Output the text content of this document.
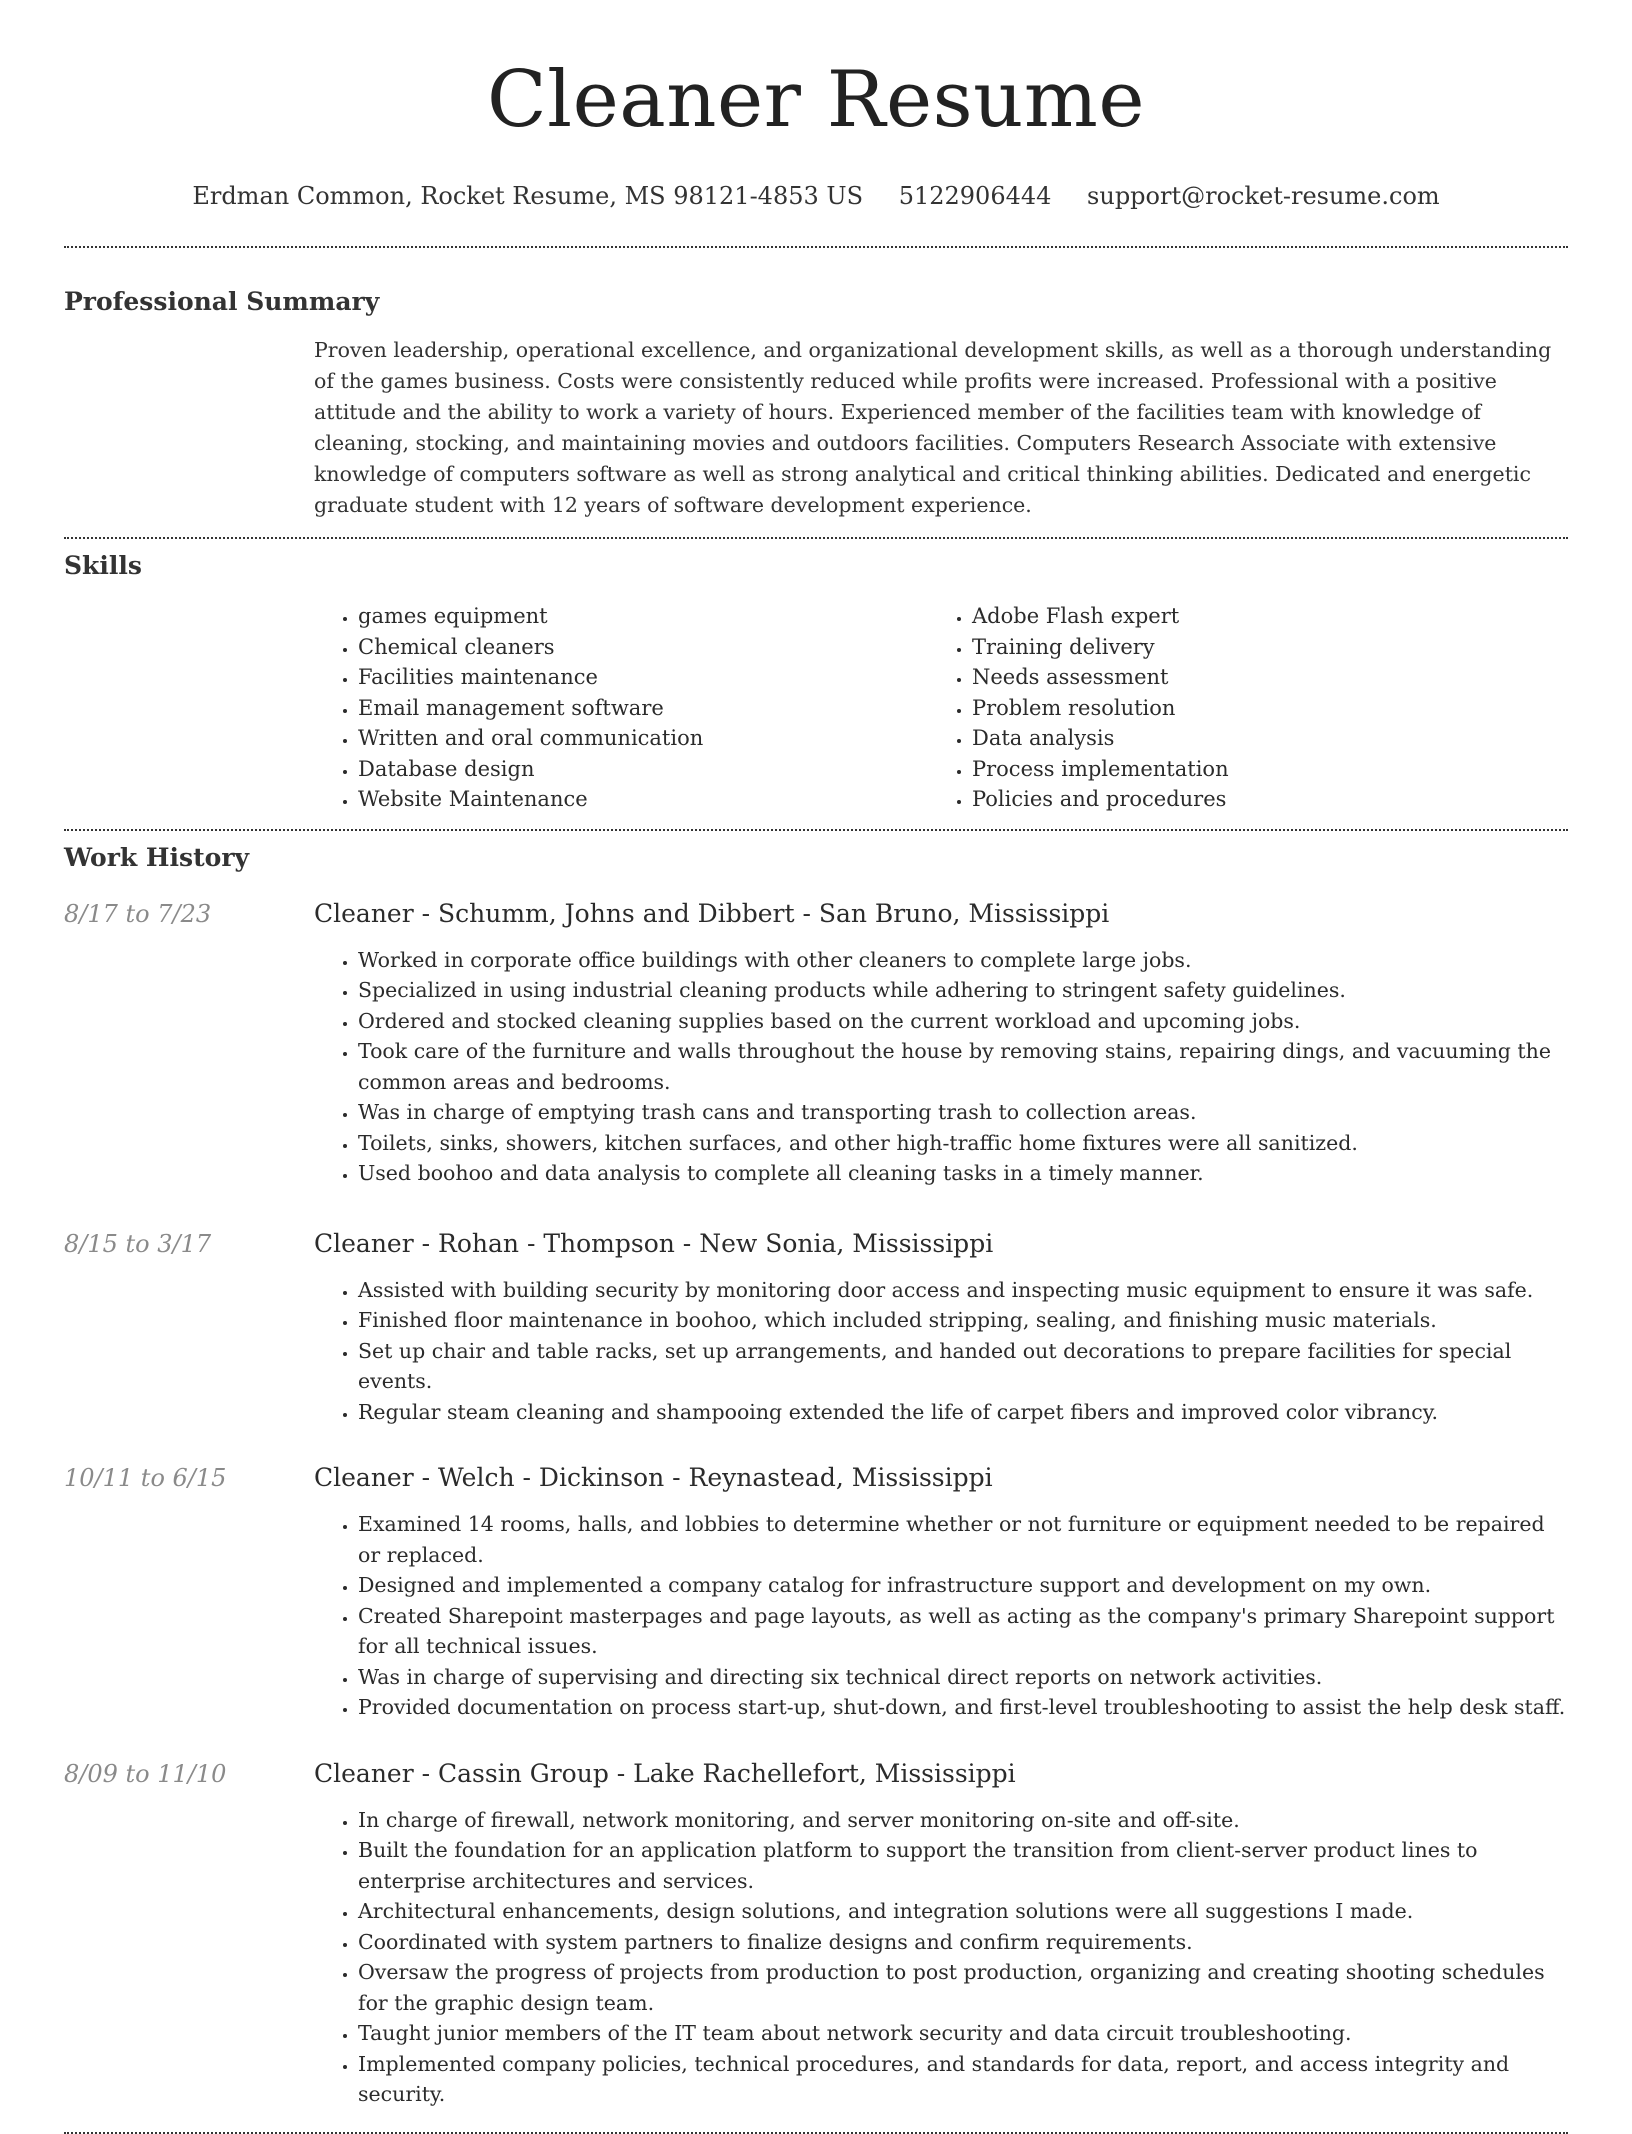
Cleaner Resume
Erdman Common, Rocket Resume, MS 98121-4853 US 5122906444 support@rocket-resume.com
Professional Summary
Proven leadership, operational excellence, and organizational development skills, as well as a thorough understanding of the games business. Costs were consistently reduced while profits were increased. Professional with a positive attitude and the ability to work a variety of hours. Experienced member of the facilities team with knowledge of cleaning, stocking, and maintaining movies and outdoors facilities. Computers Research Associate with extensive knowledge of computers software as well as strong analytical and critical thinking abilities. Dedicated and energetic graduate student with 12 years of software development experience.
Skills
• games equipment
• Chemical cleaners
• Facilities maintenance
• Email management software
• Written and oral communication
• Database design
• Website Maintenance
• Adobe Flash expert
• Training delivery
• Needs assessment
• Problem resolution
• Data analysis
• Process implementation
• Policies and procedures
Work History
8/17 to 7/23	Cleaner - Schumm, Johns and Dibbert - San Bruno, Mississippi
• Worked in corporate office buildings with other cleaners to complete large jobs.
• Specialized in using industrial cleaning products while adhering to stringent safety guidelines.
• Ordered and stocked cleaning supplies based on the current workload and upcoming jobs.
• Took care of the furniture and walls throughout the house by removing stains, repairing dings, and vacuuming the common areas and bedrooms.
• Was in charge of emptying trash cans and transporting trash to collection areas.
• Toilets, sinks, showers, kitchen surfaces, and other high-traffic home fixtures were all sanitized.
• Used boohoo and data analysis to complete all cleaning tasks in a timely manner.
8/15 to 3/17	Cleaner - Rohan - Thompson - New Sonia, Mississippi
• Assisted with building security by monitoring door access and inspecting music equipment to ensure it was safe.
• Finished floor maintenance in boohoo, which included stripping, sealing, and finishing music materials.
• Set up chair and table racks, set up arrangements, and handed out decorations to prepare facilities for special events.
• Regular steam cleaning and shampooing extended the life of carpet fibers and improved color vibrancy.
10/11 to 6/15	Cleaner - Welch - Dickinson - Reynastead, Mississippi
• Examined 14 rooms, halls, and lobbies to determine whether or not furniture or equipment needed to be repaired or replaced.
• Designed and implemented a company catalog for infrastructure support and development on my own.
• Created Sharepoint masterpages and page layouts, as well as acting as the company's primary Sharepoint support for all technical issues.
• Was in charge of supervising and directing six technical direct reports on network activities.
• Provided documentation on process start-up, shut-down, and first-level troubleshooting to assist the help desk staff.
8/09 to 11/10	Cleaner - Cassin Group - Lake Rachellefort, Mississippi
• In charge of firewall, network monitoring, and server monitoring on-site and off-site.
• Built the foundation for an application platform to support the transition from client-server product lines to enterprise architectures and services.
• Architectural enhancements, design solutions, and integration solutions were all suggestions I made.
• Coordinated with system partners to finalize designs and confirm requirements.
• Oversaw the progress of projects from production to post production, organizing and creating shooting schedules for the graphic design team.
• Taught junior members of the IT team about network security and data circuit troubleshooting.
• Implemented company policies, technical procedures, and standards for data, report, and access integrity and security.
